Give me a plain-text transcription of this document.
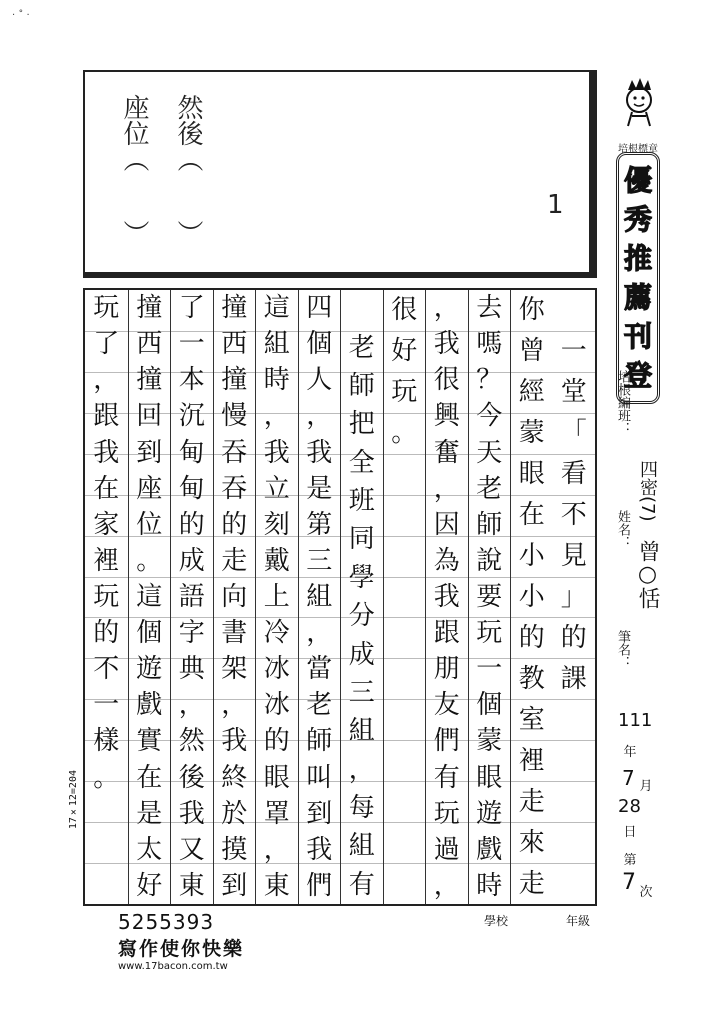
· ˚ ·
然後︵︶
座位︵︶
1
一
堂
「
看
不
見
」
的
課
你
曾
經
蒙
眼
在
小
小
的
教
室
裡
走
來
走
去
嗎
？
今
天
老
師
說
要
玩
一
個
蒙
眼
遊
戲
時
，
我
很
興
奮
，
因
為
我
跟
朋
友
們
有
玩
過
，
很
好
玩
。
老
師
把
全
班
同
學
分
成
三
組
，
每
組
有
四
個
人
，
我
是
第
三
組
，
當
老
師
叫
到
我
們
這
組
時
，
我
立
刻
戴
上
冷
冰
冰
的
眼
罩
，
東
撞
西
撞
慢
吞
吞
的
走
向
書
架
，
我
終
於
摸
到
了
一
本
沉
甸
甸
的
成
語
字
典
，
然
後
我
又
東
撞
西
撞
回
到
座
位
。
這
個
遊
戲
實
在
是
太
好
玩
了
，
跟
我
在
家
裡
玩
的
不
一
樣
。
培根標章
優
秀
推
薦
刊
登
培根編班：
四密(7)
姓名：
曾○恬
筆名：
111
年
7 月
28
日
第
7 次
17×12=204
5255393
寫作使你快樂
www.17bacon.com.tw
學校	年級
